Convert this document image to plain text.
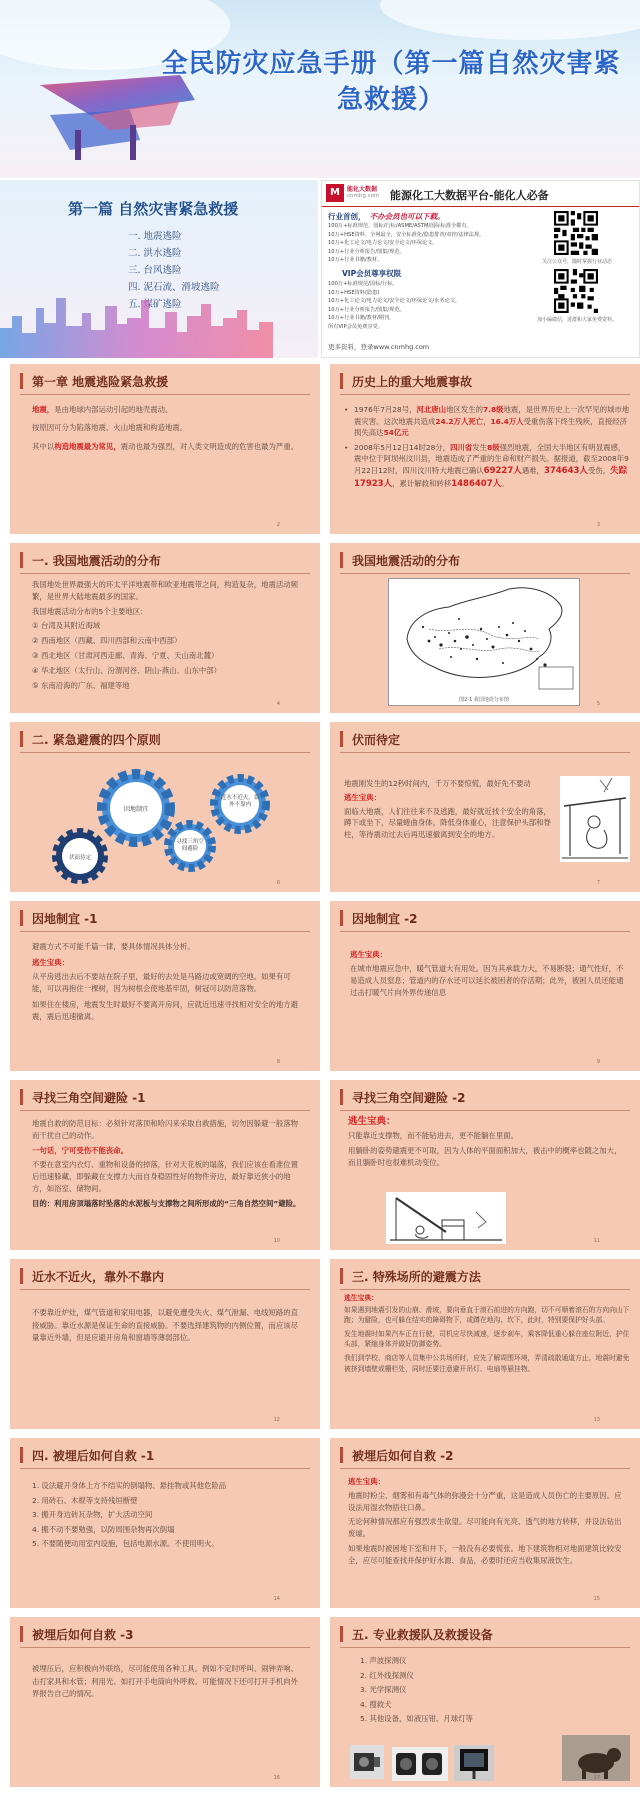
全民防灾应急手册（第一篇自然灾害紧急救援）
第一篇 自然灾害紧急救援
一. 地震逃险
二. 洪水逃险
三. 台风逃险
四. 泥石流、滑坡逃险
五. 煤矿逃险
M	能化大数据
cnmhg.com 能源化工大数据平台-能化人必备
行业首创， 不办会员也可以下载。
100万+标准规范、国标/行标/ASME/ASTM/国际标准全都有。
10万+HSE资料、全网最全，安全标准化/隐患排查/双控/法律法规。
10万+化工论文/电力论文/安全论文/环保论文。
10万+行业分析报告/图集/规范。
10万+行业书籍/教材。
VIP会员尊享权限
100万+标准规范/国标/行标。
10万+HSE资料(隐患)
10万+化工论文/电力论文/安全论文/环保论文/水务论文。
10万+行业分析报告/图集/规范。
10万+行业书籍/教材/期刊。
所有VIP会员免费享受。
更多资料，登录www.cnmhg.com
关注公众号，随时掌握行业动态
加小编微信，进群和大家免费资料。
第一章 地震逃险紧急救援

地震，是由地球内部运动引起的地壳震动。

按原因可分为陷落地震、火山地震和构造地震。

其中以构造地震最为常见，震动也最为强烈，对人类文明造成的危害也最为严重。

2
历史上的重大地震事故
• 1976年7月28号，河北唐山地区发生的7.8级地震，是世界历史上一次罕见的城市地震灾害。这次地震共造成24.2万人死亡，16.4万人受重伤落下终生残疾，直接经济损失高达54亿元
• 2008年5月12日14时28分，四川省发生8级强烈地震，全国大半地区有明显震感，震中位于阿坝州汶川县，地震造成了严重的生命和财产损失。据报道，截至2008年9月22日12时，四川汶川特大地震已确认69227人遇难，374643人受伤，失踪17923人，累计解救和转移1486407人。
3
一. 我国地震活动的分布

我国地处世界最强大的环太平洋地震带和欧亚地震带之间，构造复杂，地震活动频繁，是世界大陆地震最多的国家。

我国地震活动分布的5个主要地区：

① 台湾及其附近海域
② 西南地区（西藏、四川西部和云南中西部）
③ 西北地区（甘肃河西走廊、青海、宁夏、天山南北麓）
④ 华北地区（太行山、汾渭河谷、阴山-燕山、山东中部）
⑤ 东南沿海的广东、福建等地
4
我国地震活动的分布
图2-1 我国地震分布图
5
二. 紧急避震的四个原则
因地制宜
近水不近火，靠外不靠内
伏而待定
寻找三角空间避险
6
伏而待定

地震刚发生的12秒时间内，千万不要惊慌，最好先不要动

逃生宝典：

面临大地震，人们往往来不及逃跑，最好就近找个安全的角落，蹲下或坐下，尽量蜷曲身体，降低身体重心，注意保护头部和脊柱，等待震动过去后再迅速撤离到安全的地方。

7
因地制宜 -1

避震方式不可能千篇一律，要具体情况具体分析。

逃生宝典：

从平房逃出去后不要站在院子里，最好的去处是马路边或宽阔的空地。如果有可能，可以再抱住一棵树，因为树根会使地基牢固，树冠可以防范落物。

如果住在楼房，地震发生时最好不要离开房间，应就近迅速寻找相对安全的地方避震，震后迅速撤离。

8
因地制宜 -2

逃生宝典：

在城市地震应急中，暖气管道大有用处。因为其承载力大，不易断裂；通气性好，不易造成人员窒息；管道内的存水还可以延长被困者的存活期；此外，被困人员还能通过击打暖气片向外界传递信息

9
寻找三角空间避险 -1

地震自救的防范目标：必须针对落顶和哈闪来采取自救措施，切勿因躲避一般落物而干扰自己的动作。

一句话，宁可受伤不能丧命。

不要在意室内衣灯、重物和设备的掉落，针对天花板的塌落，我们应该在看准位置后迅速躲藏，即躲藏在支撑力大而自身稳固性好的物件旁边，最好靠近狭小的地方，如浴室、储物间。

目的：利用房顶塌落时坠落的水泥板与支撑物之间所形成的“三角自然空间”避险。

10
寻找三角空间避险 -2

逃生宝典：

只能靠近支撑物，而不能钻进去，更不能躺在里面。

用躺卧的姿势避震更不可取，因为人体的平面面积加大，被击中的概率也随之加大，而且躺卧时也很难机动变位。

11
近水不近火，靠外不靠内

不要靠近炉灶，煤气管道和家用电器，以避免遭受失火、煤气泄漏、电线短路的直接威胁。靠近水源是保证生命的直接威胁。不要选择建筑物的内侧位置，而应该尽量靠近外墙，但是应避开房角和窗墙等薄弱部位。

12
三. 特殊场所的避震方法

逃生宝典：

如果遇到地震引发的山崩、滑坡，要向垂直于滚石前进的方向跑，切不可顺着滚石的方向向山下跑；为避险，也可躲在结实的障碍物下，或蹲在地沟、坎下，此时，特别要保护好头部。

发生地震时如果汽车正在行驶，司机应尽快减速，逐步刹车，乘客降低重心躲在座位附近，护住头部，紧缩身体并做好防御姿势。

我们到学校、商店等人员集中公共场所时，应先了解周围环境，弄清疏散通道方止。地震时避免被挤到墙壁或栅栏处，同时还要注意避开吊灯、电扇等悬挂物。

13
四. 被埋后如何自救 -1
1. 设法避开身体上方不结实的倒塌物、悬挂物或其他危险品
2. 用砖石、木棍等支持残垣断壁
3. 搬开身边砖瓦杂物，扩大活动空间
4. 搬不动不要勉强，以防周围杂物再次倒塌
5. 不要随便动用室内设施，包括电源水源。不使用明火。
14
被埋后如何自救 -2

逃生宝典：

地震时粉尘、烟雾和有毒气体的弥漫会十分严重，这是造成人员伤亡的主要原因。应设法用湿衣物捂住口鼻。

无论何种情况都应有强烈求生欲望。尽可能向有光亮、透气的地方转移，并设法钻出废墟。

如果地震时被困地下室和井下，一般没有必要慌张。地下建筑物相对地面建筑比较安全，应尽可能查找并保护好水源、食品，必要时还应当收集尿液饮生。

15
被埋后如何自救 -3

被埋压后，应积极向外联络，尽可能使用各种工具。例如不定时呼叫、闹钟弄响、击打家具和水管；利用光、如打开手电筒向外呼救。可能情况下还可打开手机向外界报告自己的情况。

16
五. 专业救援队及救援设备
1. 声波探测仪
2. 红外线探测仪
3. 光学探测仪
4. 搜救犬
5. 其他设备，如液压钳、月球灯等
17
